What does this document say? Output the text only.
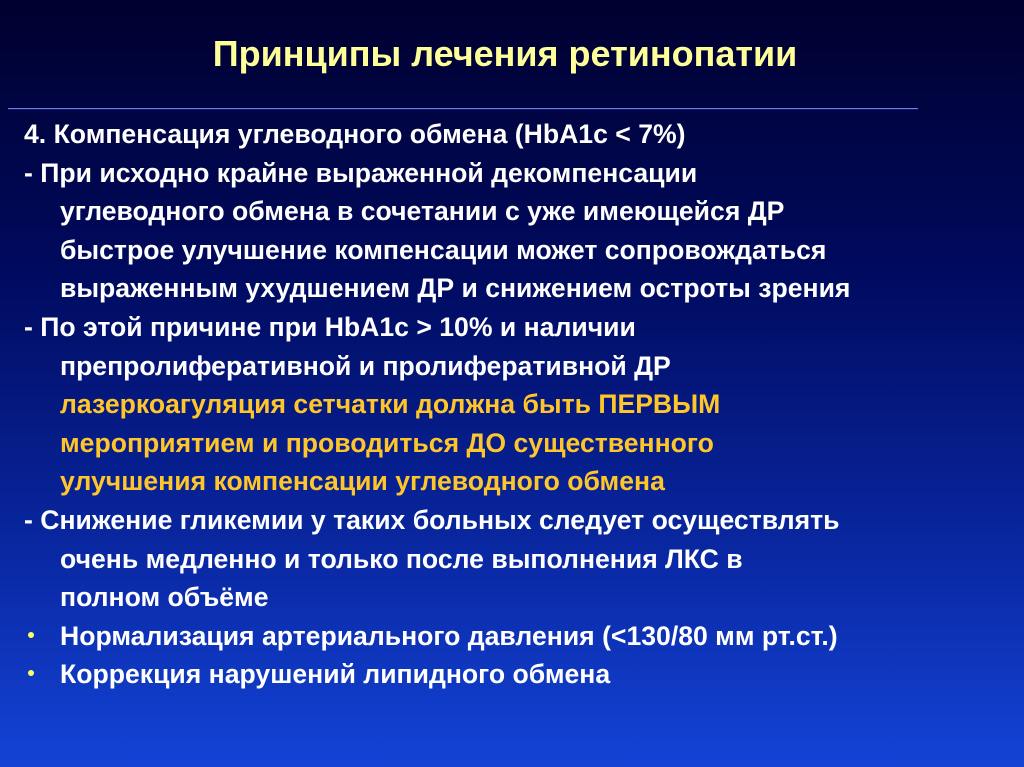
Принципы лечения ретинопатии
4. Компенсация углеводного обмена (HbA1c < 7%)
- При исходно крайне выраженной декомпенсации
углеводного обмена в сочетании с уже имеющейся ДР
быстрое улучшение компенсации может сопровождаться
выраженным ухудшением ДР и снижением остроты зрения
- По этой причине при HbA1c > 10% и наличии
препролиферативной и пролиферативной ДР
лазеркоагуляция сетчатки должна быть ПЕРВЫМ
мероприятием и проводиться ДО существенного
улучшения компенсации углеводного обмена
- Снижение гликемии у таких больных следует осуществлять
очень медленно и только после выполнения ЛКС в
полном объёме
Нормализация артериального давления (<130/80 мм рт.ст.)
Коррекция нарушений липидного обмена
